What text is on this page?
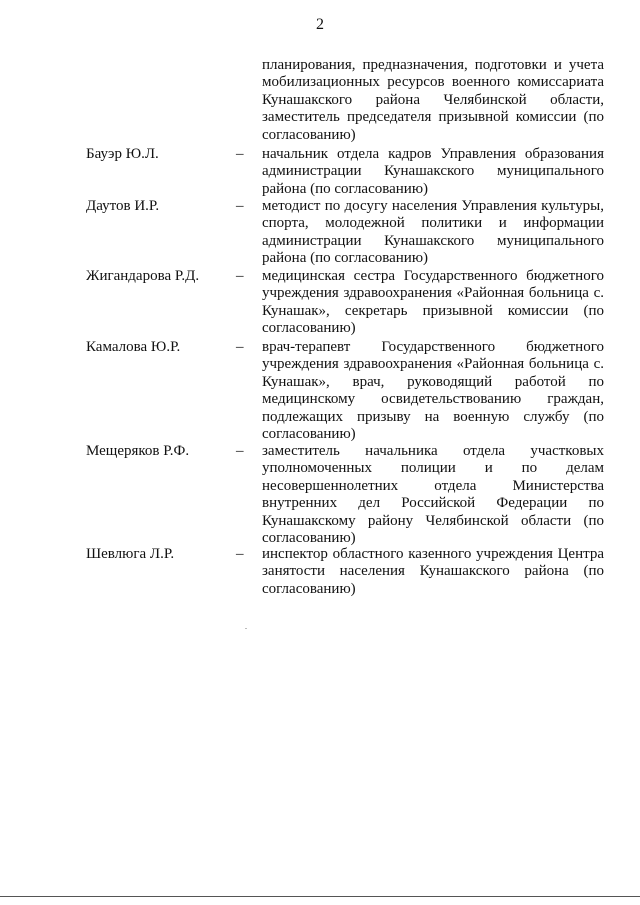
2
планирования, предназначения, подготовки и учета мобилизационных ресурсов военного комиссариата Кунашакского района Челябинской области, заместитель председателя призывной комиссии (по согласованию)
Бауэр Ю.Л.	– начальник отдела кадров Управления образования администрации Кунашакского муниципального района (по согласованию)
Даутов И.Р.	– методист по досугу населения Управления культуры, спорта, молодежной политики и информации администрации Кунашакского муниципального района (по согласованию)
Жигандарова Р.Д. – медицинская сестра Государственного бюджетного учреждения здравоохранения «Районная больница с. Кунашак», секретарь призывной комиссии (по согласованию)
Камалова Ю.Р.	– врач-терапевт Государственного бюджетного учреждения здравоохранения «Районная больница с. Кунашак», врач, руководящий работой по медицинскому освидетельствованию граждан, подлежащих призыву на военную службу (по согласованию)
Мещеряков Р.Ф.	– заместитель начальника отдела участковых уполномоченных полиции и по делам несовершеннолетних отдела Министерства внутренних дел Российской Федерации по Кунашакскому району Челябинской области (по согласованию)
Шевлюга Л.Р.	– инспектор областного казенного учреждения Центра занятости населения Кунашакского района (по согласованию)
